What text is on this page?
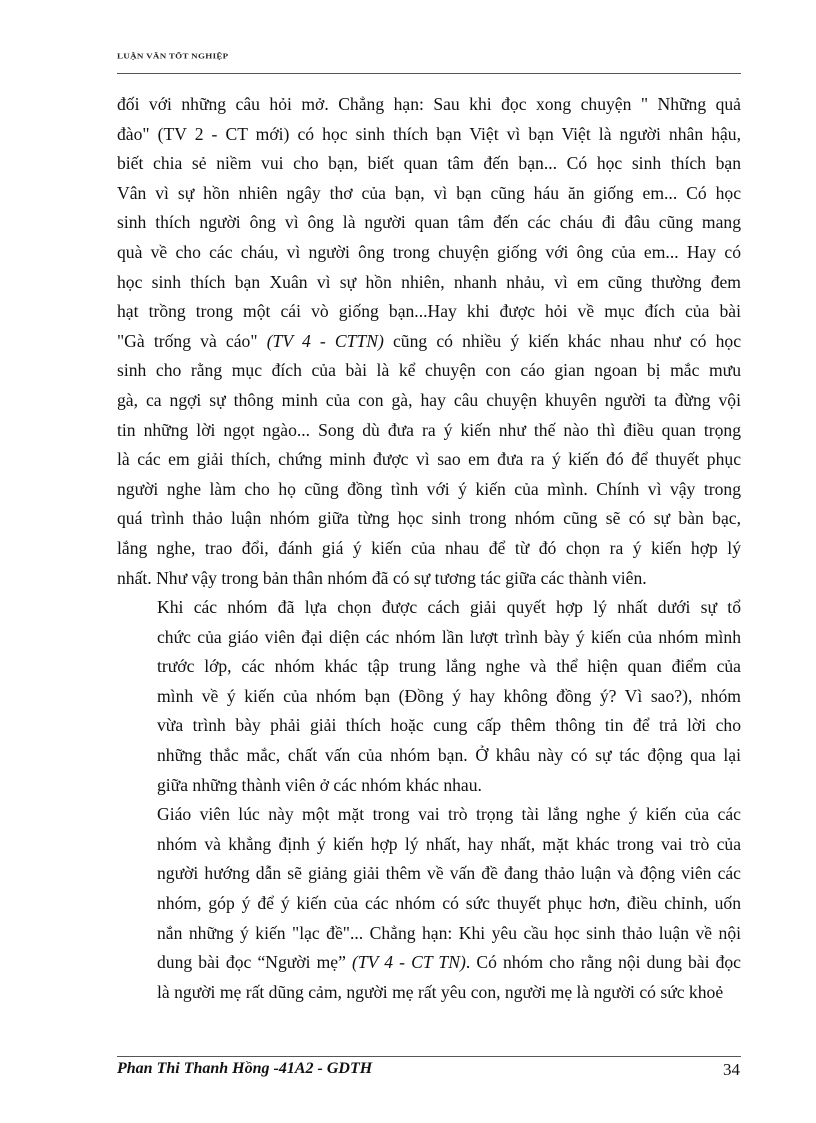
LUẬN VĂN TỐT NGHIỆP

đối với những câu hỏi mở. Chẳng hạn: Sau khi đọc xong chuyện " Những quả
đào" (TV 2 - CT mới) có học sinh thích bạn Việt vì bạn Việt là người nhân hậu,
biết chia sẻ niềm vui cho bạn, biết quan tâm đến bạn... Có học sinh thích bạn
Vân vì sự hồn nhiên ngây thơ của bạn, vì bạn cũng háu ăn giống em... Có học
sinh thích người ông vì ông là người quan tâm đến các cháu đi đâu cũng mang
quà về cho các cháu, vì người ông trong chuyện giống với ông của em... Hay có
học sinh thích bạn Xuân vì sự hồn nhiên, nhanh nhảu, vì em cũng thường đem
hạt trồng trong một cái vò giống bạn...Hay khi được hỏi về mục đích của bài
"Gà trống và cáo" (TV 4 - CTTN) cũng có nhiều ý kiến khác nhau như có học
sinh cho rằng mục đích của bài là kể chuyện con cáo gian ngoan bị mắc mưu
gà, ca ngợi sự thông minh của con gà, hay câu chuyện khuyên người ta đừng vội
tin những lời ngọt ngào... Song dù đưa ra ý kiến như thế nào thì điều quan trọng
là các em giải thích, chứng minh được vì sao em đưa ra ý kiến đó để thuyết phục
người nghe làm cho họ cũng đồng tình với ý kiến của mình. Chính vì vậy trong
quá trình thảo luận nhóm giữa từng học sinh trong nhóm cũng sẽ có sự bàn bạc,
lắng nghe, trao đổi, đánh giá ý kiến của nhau để từ đó chọn ra ý kiến hợp lý
nhất. Như vậy trong bản thân nhóm đã có sự tương tác giữa các thành viên.

Khi các nhóm đã lựa chọn được cách giải quyết hợp lý nhất dưới sự tổ
chức của giáo viên đại diện các nhóm lần lượt trình bày ý kiến của nhóm mình
trước lớp, các nhóm khác tập trung lắng nghe và thể hiện quan điểm của
mình về ý kiến của nhóm bạn (Đồng ý hay không đồng ý? Vì sao?), nhóm
vừa trình bày phải giải thích hoặc cung cấp thêm thông tin để trả lời cho
những thắc mắc, chất vấn của nhóm bạn. Ở khâu này có sự tác động qua lại
giữa những thành viên ở các nhóm khác nhau.

Giáo viên lúc này một mặt trong vai trò trọng tài lắng nghe ý kiến của các
nhóm và khẳng định ý kiến hợp lý nhất, hay nhất, mặt khác trong vai trò của
người hướng dẫn sẽ giảng giải thêm về vấn đề đang thảo luận và động viên các
nhóm, góp ý để ý kiến của các nhóm có sức thuyết phục hơn, điều chỉnh, uốn
nắn những ý kiến "lạc đề"... Chẳng hạn: Khi yêu cầu học sinh thảo luận về nội
dung bài đọc “Người mẹ” (TV 4 - CT TN). Có nhóm cho rằng nội dung bài đọc
là người mẹ rất dũng cảm, người mẹ rất yêu con, người mẹ là người có sức khoẻ

Phan Thi Thanh Hồng -41A2 - GDTH	34
